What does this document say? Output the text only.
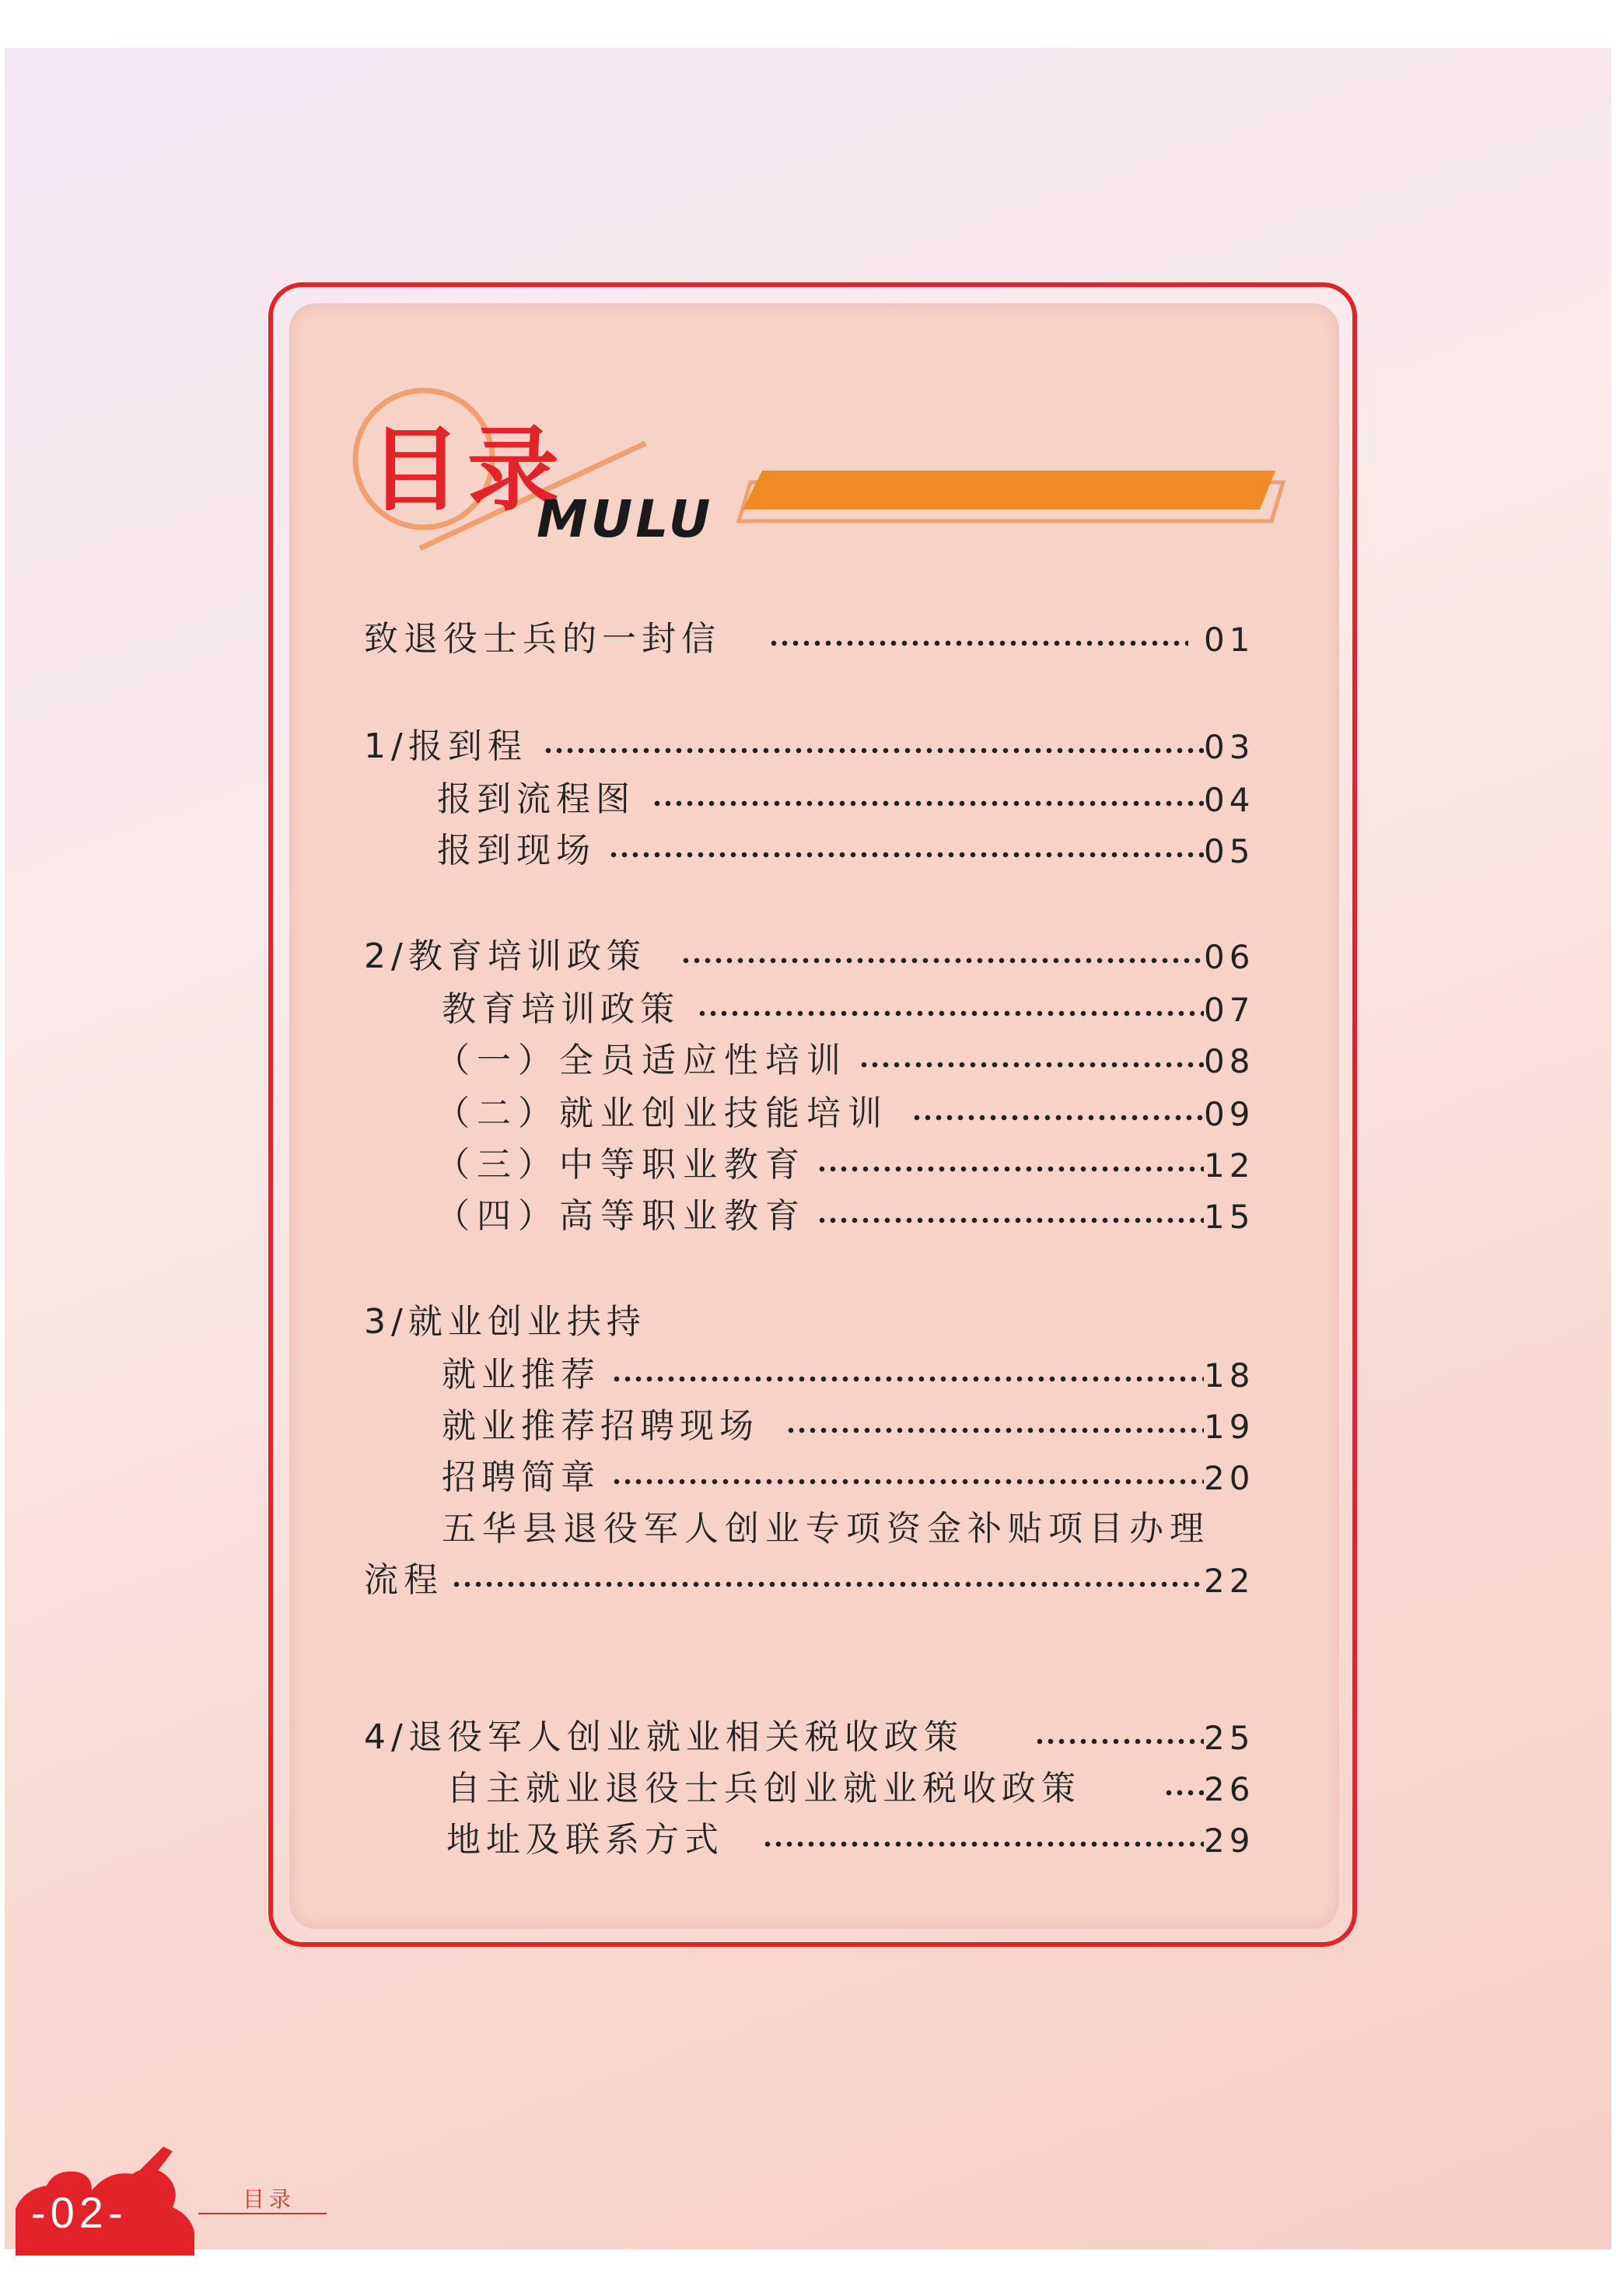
目录
MULU
致退役士兵的一封信	01
1/报到程	03
报到流程图	04
报到现场	05
2/教育培训政策	06
教育培训政策	07
（一）全员适应性培训	08
（二）就业创业技能培训	09
（三）中等职业教育	12
（四）高等职业教育	15
3/就业创业扶持
就业推荐	18
就业推荐招聘现场	19
招聘简章	20
五华县退役军人创业专项资金补贴项目办理
流程	22
4/退役军人创业就业相关税收政策	25
自主就业退役士兵创业就业税收政策	26
地址及联系方式	29
-02-	目录
